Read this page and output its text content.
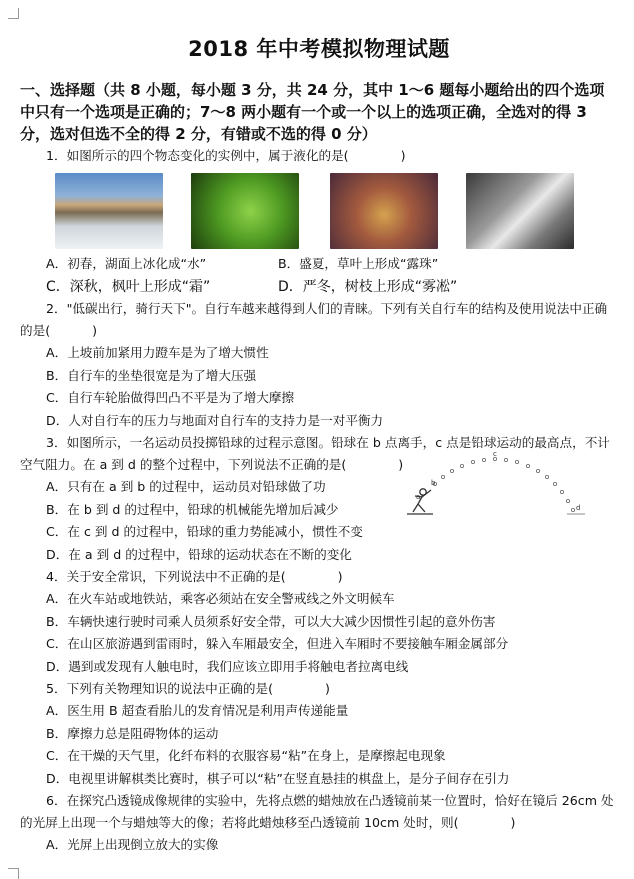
2018 年中考模拟物理试题
一、选择题（共 8 小题，每小题 3 分，共 24 分，其中 1～6 题每小题给出的四个选项中只有一个选项是正确的；7～8 两小题有一个或一个以上的选项正确，全选对的得 3 分，选对但选不全的得 2 分，有错或不选的得 0 分）
1．如图所示的四个物态变化的实例中，属于液化的是(	)
A．初春，湖面上冰化成“水”	B．盛夏，草叶上形成“露珠”
C．深秋，枫叶上形成“霜”	D．严冬，树枝上形成“雾凇”
2．"低碳出行，骑行天下"。自行车越来越得到人们的青睐。下列有关自行车的结构及使用说法中正确的是(	)
A．上坡前加紧用力蹬车是为了增大惯性
B．自行车的坐垫很宽是为了增大压强
C．自行车轮胎做得凹凸不平是为了增大摩擦
D．人对自行车的压力与地面对自行车的支持力是一对平衡力
3．如图所示，一名运动员投掷铅球的过程示意图。铅球在 b 点离手，c 点是铅球运动的最高点，不计空气阻力。在 a 到 d 的整个过程中，下列说法不正确的是(	)
A．只有在 a 到 b 的过程中，运动员对铅球做了功
B．在 b 到 d 的过程中，铅球的机械能先增加后减少
C．在 c 到 d 的过程中，铅球的重力势能减小，惯性不变
D．在 a 到 d 的过程中，铅球的运动状态在不断的变化
4．关于安全常识，下列说法中不正确的是(	)
A．在火车站或地铁站，乘客必须站在安全警戒线之外文明候车
B．车辆快速行驶时司乘人员须系好安全带，可以大大减少因惯性引起的意外伤害
C．在山区旅游遇到雷雨时，躲入车厢最安全，但进入车厢时不要接触车厢金属部分
D．遇到或发现有人触电时，我们应该立即用手将触电者拉离电线
5．下列有关物理知识的说法中正确的是(	)
A．医生用 B 超查看胎儿的发育情况是利用声传递能量
B．摩擦力总是阻碍物体的运动
C．在干燥的天气里，化纤布料的衣服容易“粘”在身上，是摩擦起电现象
D．电视里讲解棋类比赛时，棋子可以“粘”在竖直悬挂的棋盘上，是分子间存在引力
6．在探究凸透镜成像规律的实验中，先将点燃的蜡烛放在凸透镜前某一位置时，恰好在镜后 26cm 处的光屏上出现一个与蜡烛等大的像；若将此蜡烛移至凸透镜前 10cm 处时，则(	)
A．光屏上出现倒立放大的实像
a
b
c
d
